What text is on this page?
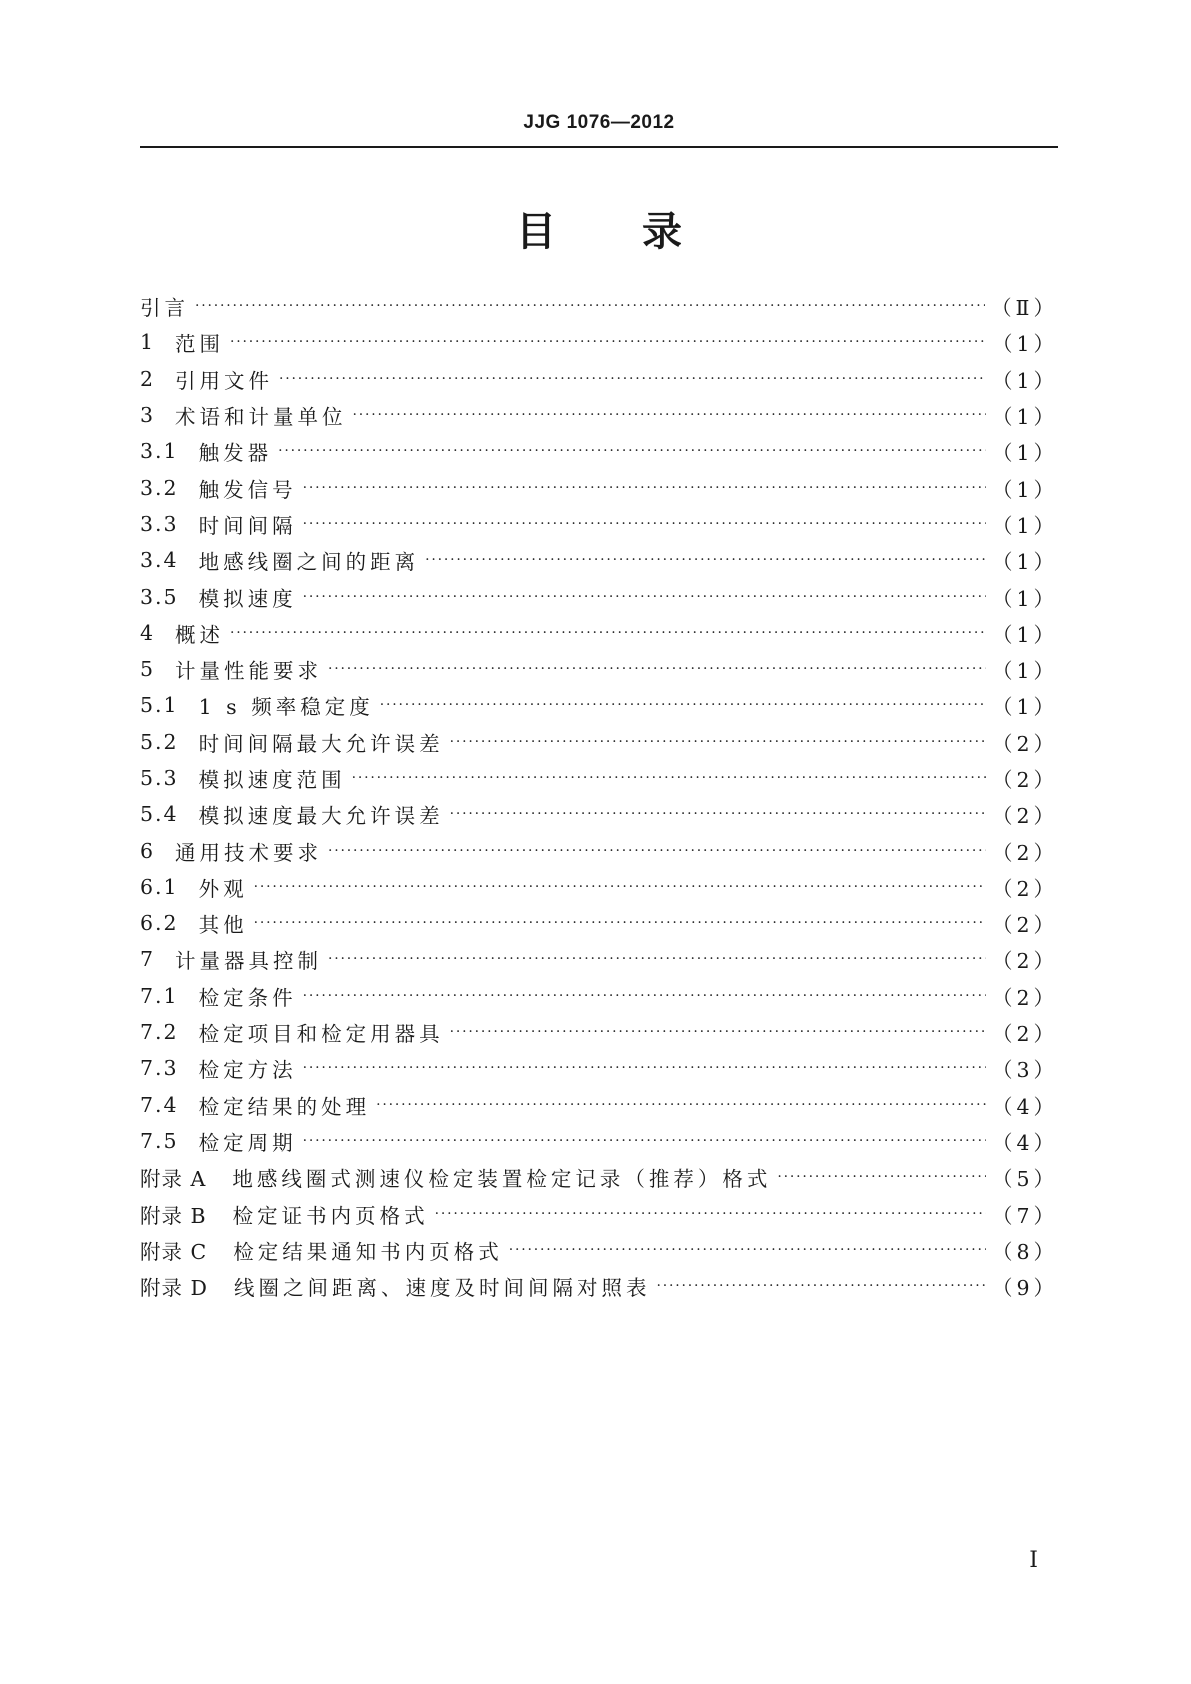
JJG 1076—2012
目 录
引言 ·····	（Ⅱ）
1 范围 ·····	（1）
2 引用文件 ·····	（1）
3 术语和计量单位 ·····	（1）
3.1 触发器 ·····	（1）
3.2 触发信号 ·····	（1）
3.3 时间间隔 ·····	（1）
3.4 地感线圈之间的距离 ·····	（1）
3.5 模拟速度 ·····	（1）
4 概述 ·····	（1）
5 计量性能要求 ·····	（1）
5.1 1 s 频率稳定度 ·····	（1）
5.2 时间间隔最大允许误差 ·····	（2）
5.3 模拟速度范围 ·····	（2）
5.4 模拟速度最大允许误差 ·····	（2）
6 通用技术要求 ·····	（2）
6.1 外观 ·····	（2）
6.2 其他 ·····	（2）
7 计量器具控制 ·····	（2）
7.1 检定条件 ·····	（2）
7.2 检定项目和检定用器具 ·····	（2）
7.3 检定方法 ·····	（3）
7.4 检定结果的处理 ·····	（4）
7.5 检定周期 ·····	（4）
附录 A 地感线圈式测速仪检定装置检定记录（推荐）格式 ·····	（5）
附录 B 检定证书内页格式 ·····	（7）
附录 C 检定结果通知书内页格式 ·····	（8）
附录 D 线圈之间距离、速度及时间间隔对照表 ·····	（9）
Ⅰ
